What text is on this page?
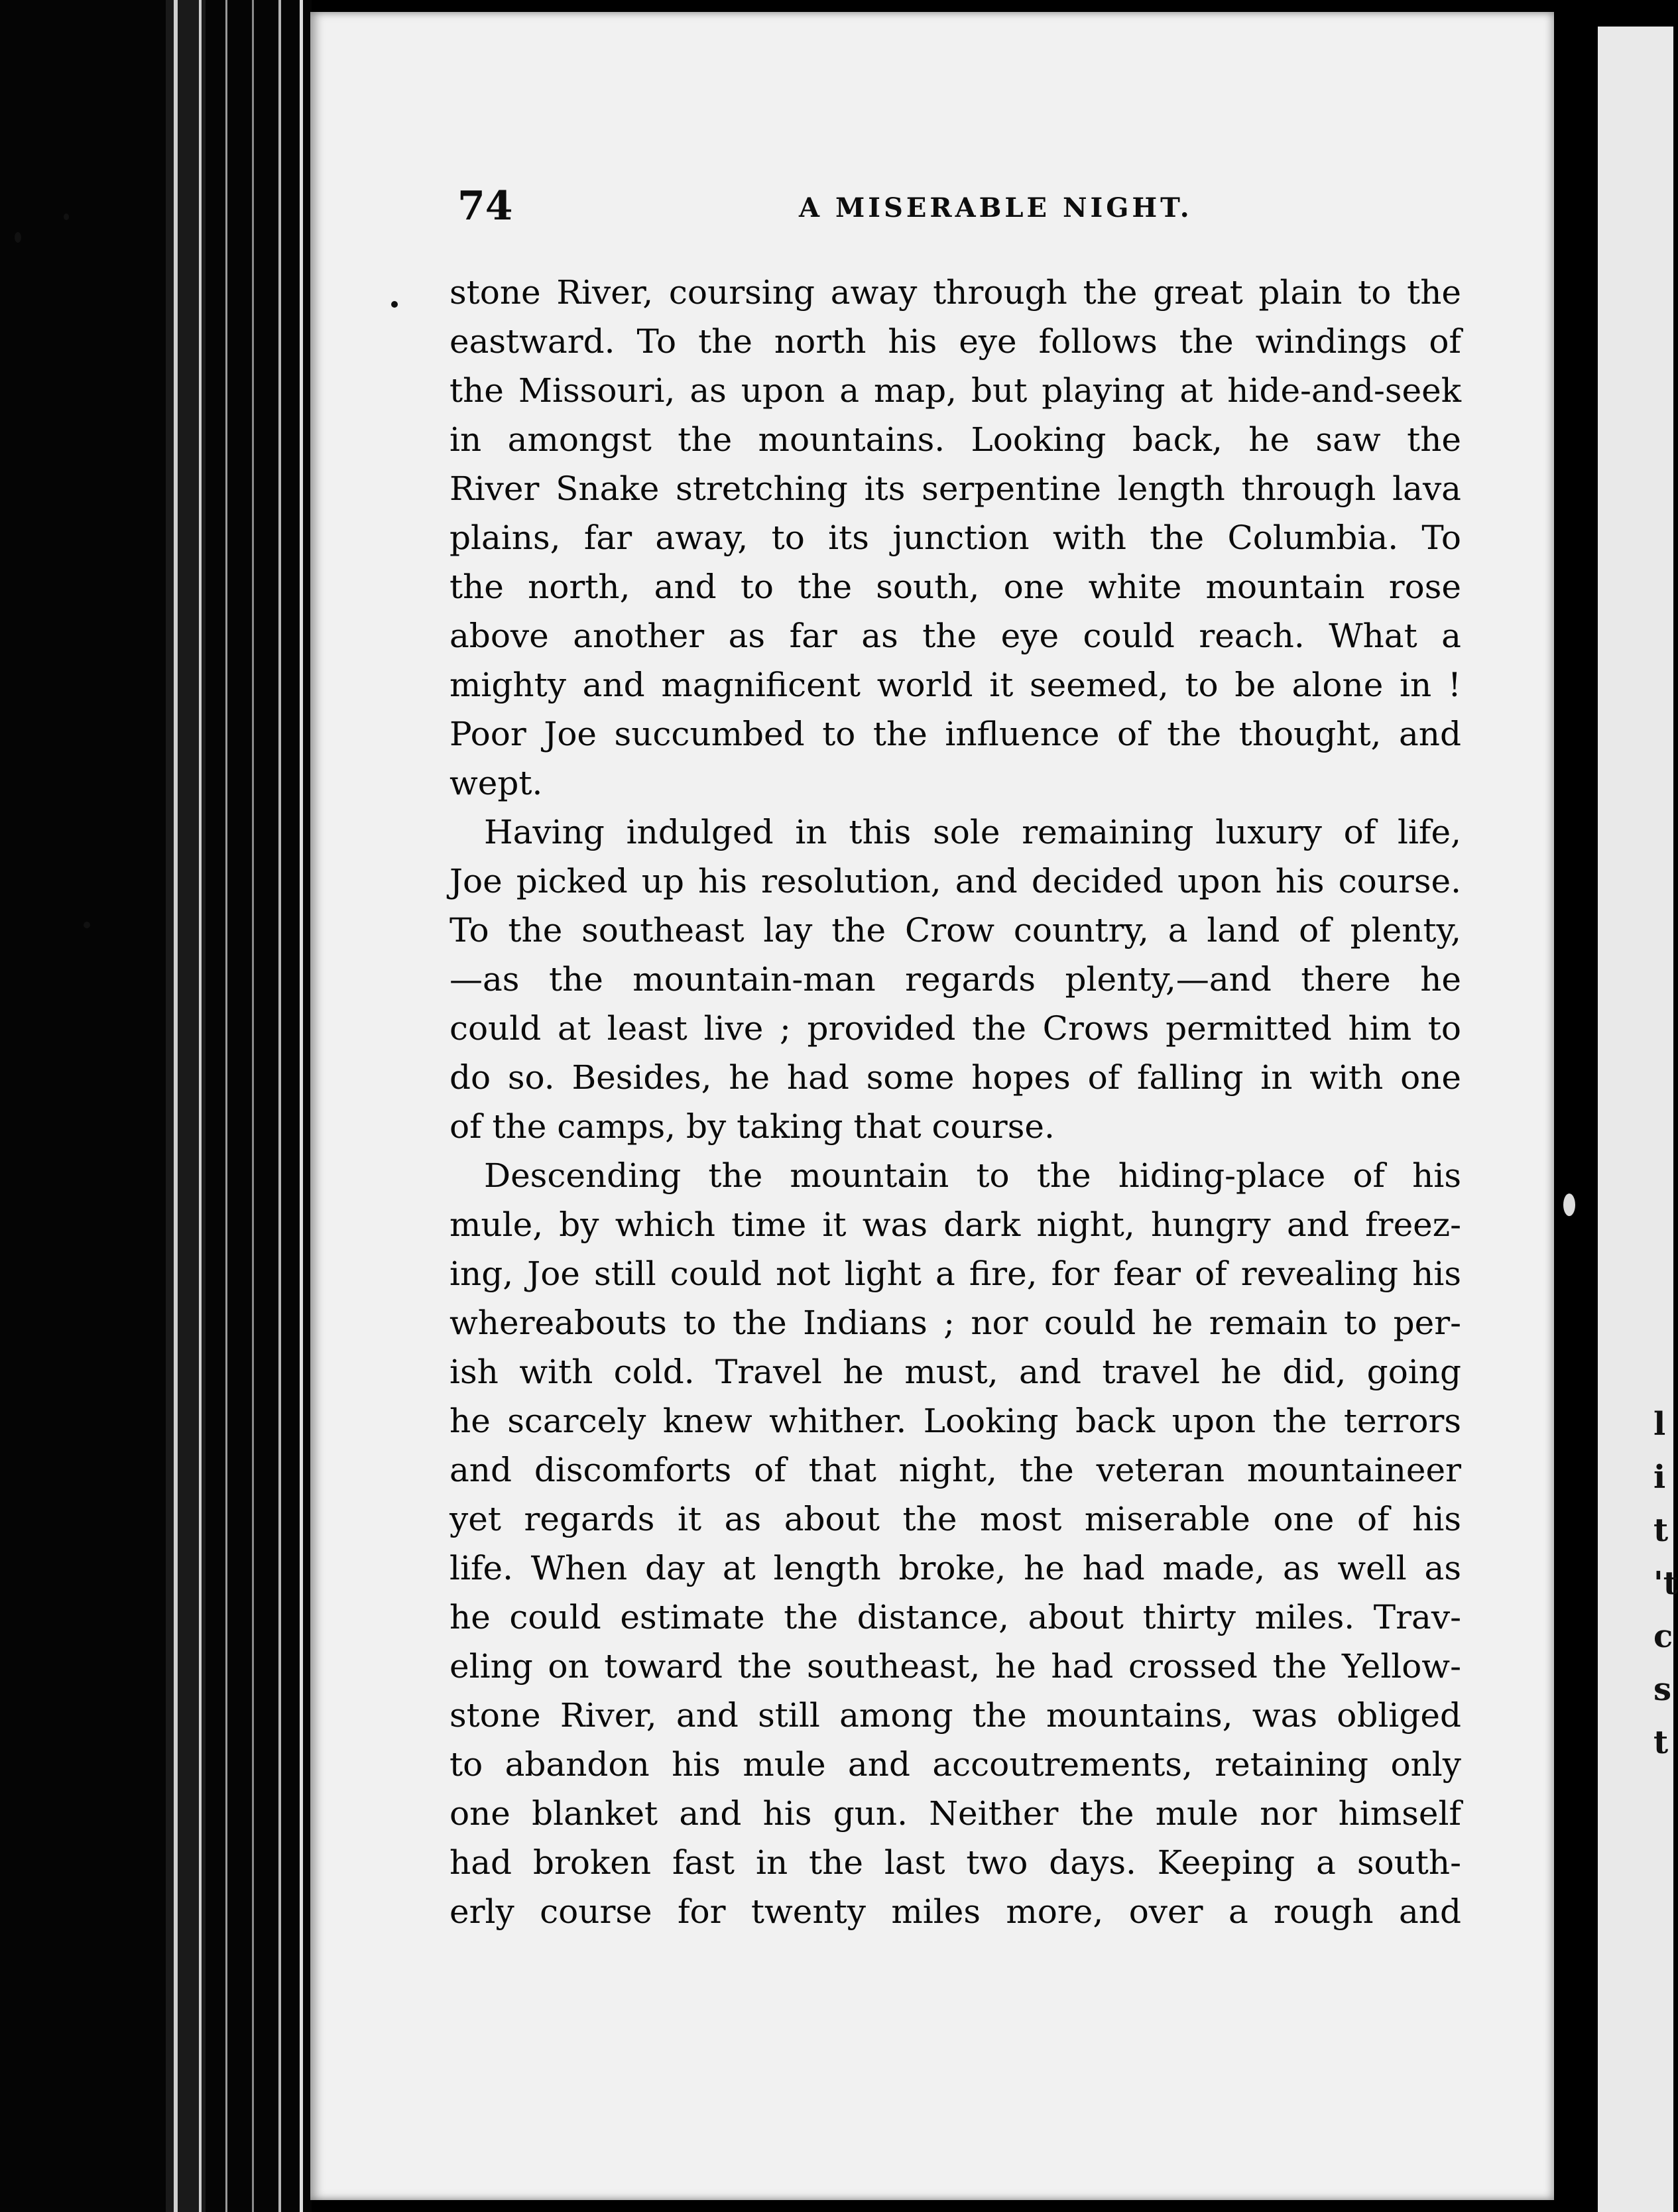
74	A MISERABLE NIGHT.
stone River, coursing away through the great plain to the
eastward. To the north his eye follows the windings of
the Missouri, as upon a map, but playing at hide-and-seek
in amongst the mountains. Looking back, he saw the
River Snake stretching its serpentine length through lava
plains, far away, to its junction with the Columbia. To
the north, and to the south, one white mountain rose
above another as far as the eye could reach. What a
mighty and magnificent world it seemed, to be alone in !
Poor Joe succumbed to the influence of the thought, and
wept.
Having indulged in this sole remaining luxury of life,
Joe picked up his resolution, and decided upon his course.
To the southeast lay the Crow country, a land of plenty,
—as the mountain-man regards plenty,—and there he
could at least live ; provided the Crows permitted him to
do so. Besides, he had some hopes of falling in with one
of the camps, by taking that course.
Descending the mountain to the hiding-place of his
mule, by which time it was dark night, hungry and freez-
ing, Joe still could not light a fire, for fear of revealing his
whereabouts to the Indians ; nor could he remain to per-
ish with cold. Travel he must, and travel he did, going
he scarcely knew whither. Looking back upon the terrors
and discomforts of that night, the veteran mountaineer
yet regards it as about the most miserable one of his
life. When day at length broke, he had made, as well as
he could estimate the distance, about thirty miles. Trav-
eling on toward the southeast, he had crossed the Yellow-
stone River, and still among the mountains, was obliged
to abandon his mule and accoutrements, retaining only
one blanket and his gun. Neither the mule nor himself
had broken fast in the last two days. Keeping a south-
erly course for twenty miles more, over a rough and
l
i
t
't
c
s
t
